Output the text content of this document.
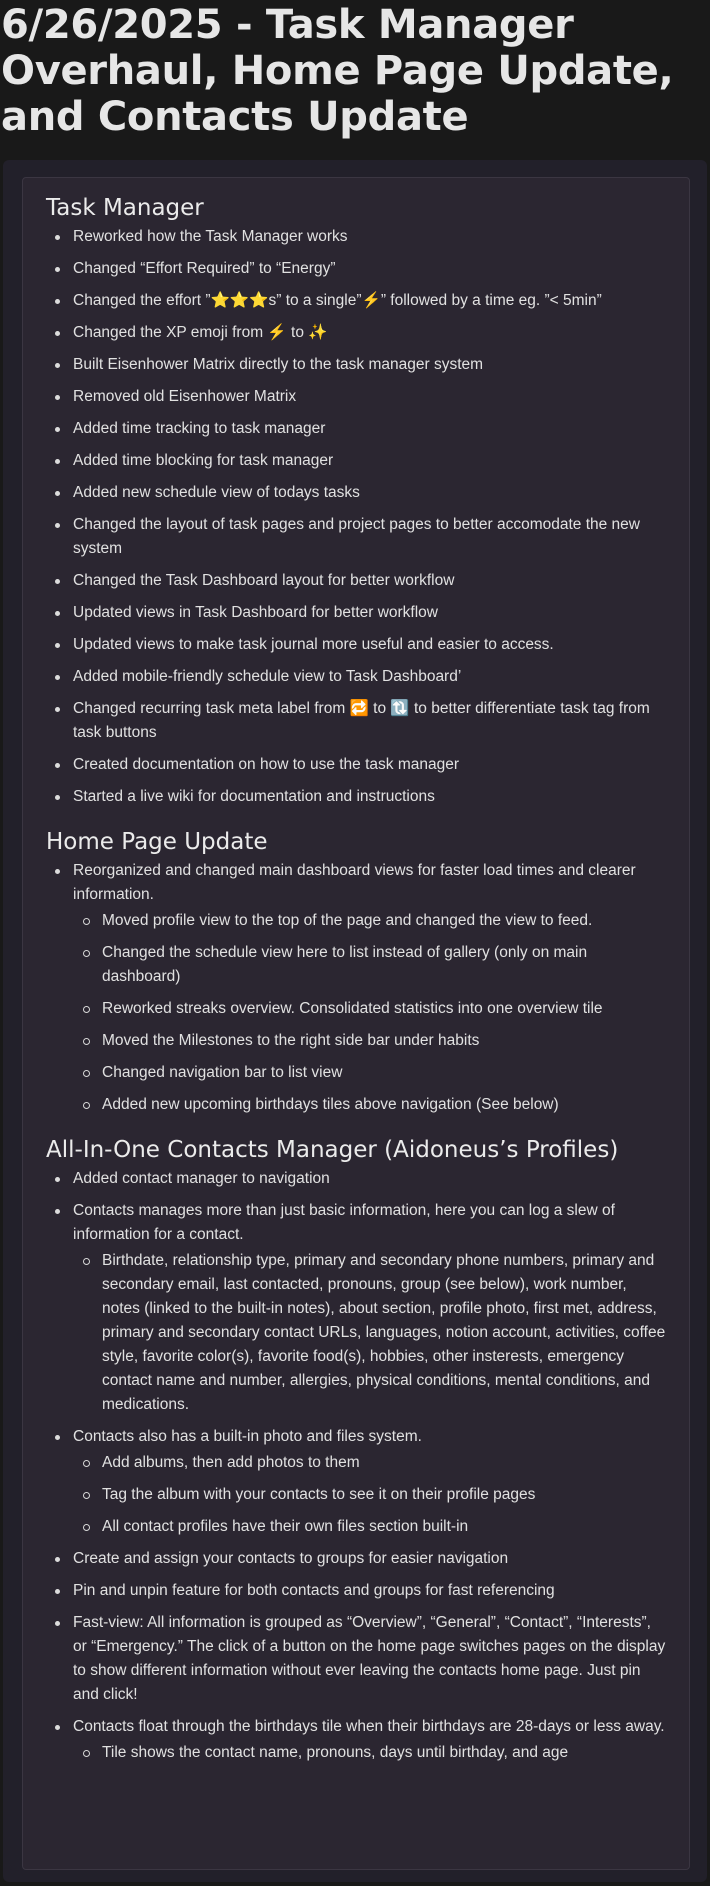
6/26/2025 - Task Manager Overhaul, Home Page Update, and Contacts Update
Task Manager
Reworked how the Task Manager works
Changed “Effort Required” to “Energy”
Changed the effort ”⭐⭐⭐s” to a single”⚡” followed by a time eg. ”< 5min”
Changed the XP emoji from ⚡ to ✨
Built Eisenhower Matrix directly to the task manager system
Removed old Eisenhower Matrix
Added time tracking to task manager
Added time blocking for task manager
Added new schedule view of todays tasks
Changed the layout of task pages and project pages to better accomodate the new system
Changed the Task Dashboard layout for better workflow
Updated views in Task Dashboard for better workflow
Updated views to make task journal more useful and easier to access.
Added mobile-friendly schedule view to Task Dashboard’
Changed recurring task meta label from 🔁 to 🔃 to better differentiate task tag from task buttons
Created documentation on how to use the task manager
Started a live wiki for documentation and instructions
Home Page Update
Reorganized and changed main dashboard views for faster load times and clearer information.
Moved profile view to the top of the page and changed the view to feed.
Changed the schedule view here to list instead of gallery (only on main dashboard)
Reworked streaks overview. Consolidated statistics into one overview tile
Moved the Milestones to the right side bar under habits
Changed navigation bar to list view
Added new upcoming birthdays tiles above navigation (See below)
All-In-One Contacts Manager (Aidoneus’s Profiles)
Added contact manager to navigation
Contacts manages more than just basic information, here you can log a slew of information for a contact.
Birthdate, relationship type, primary and secondary phone numbers, primary and secondary email, last contacted, pronouns, group (see below), work number, notes (linked to the built-in notes), about section, profile photo, first met, address, primary and secondary contact URLs, languages, notion account, activities, coffee style, favorite color(s), favorite food(s), hobbies, other insterests, emergency contact name and number, allergies, physical conditions, mental conditions, and medications.
Contacts also has a built-in photo and files system.
Add albums, then add photos to them
Tag the album with your contacts to see it on their profile pages
All contact profiles have their own files section built-in
Create and assign your contacts to groups for easier navigation
Pin and unpin feature for both contacts and groups for fast referencing
Fast-view: All information is grouped as “Overview”, “General”, “Contact”, “Interests”, or “Emergency.” The click of a button on the home page switches pages on the display to show different information without ever leaving the contacts home page. Just pin and click!
Contacts float through the birthdays tile when their birthdays are 28-days or less away.
Tile shows the contact name, pronouns, days until birthday, and age
